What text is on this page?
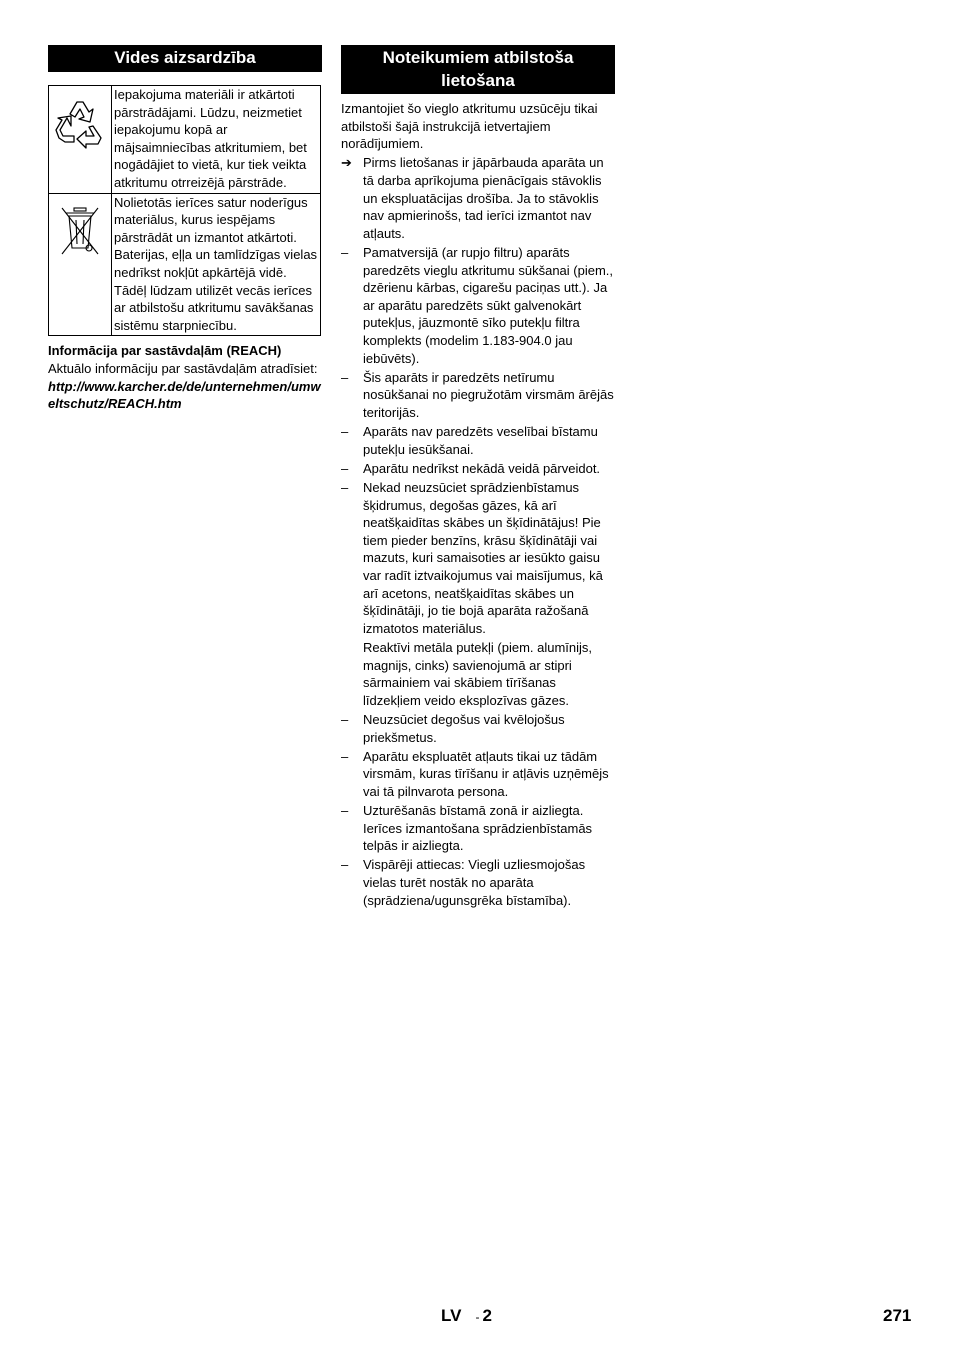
Vides aizsardzība
	Iepakojuma materiāli ir atkārtoti pārstrādājami. Lūdzu, neizmetiet iepakojumu kopā ar mājsaimniecības atkritumiem, bet nogādājiet to vietā, kur tiek veikta atkritumu otrreizējā pārstrāde.

	Nolietotās ierīces satur noderīgus materiālus, kurus iespējams pārstrādāt un izmantot atkārtoti. Baterijas, eļļa un tamlīdzīgas vielas nedrīkst nokļūt apkārtējā vidē. Tādēļ lūdzam utilizēt vecās ierīces ar atbilstošu atkritumu savākšanas sistēmu starpniecību.
Informācija par sastāvdaļām (REACH)
Aktuālo informāciju par sastāvdaļām atradīsiet:
http://www.karcher.de/de/unternehmen/umweltschutz/REACH.htm
Noteikumiem atbilstoša lietošana
Izmantojiet šo vieglo atkritumu uzsūcēju tikai atbilstoši šajā instrukcijā ietvertajiem norādījumiem.
➔ Pirms lietošanas ir jāpārbauda aparāta un tā darba aprīkojuma pienācīgais stāvoklis un ekspluatācijas drošība. Ja to stāvoklis nav apmierinošs, tad ierīci izmantot nav atļauts.

–	Pamatversijā (ar rupjo filtru) aparāts paredzēts vieglu atkritumu sūkšanai (piem., dzērienu kārbas, cigarešu paciņas utt.). Ja ar aparātu paredzēts sūkt galvenokārt putekļus, jāuzmontē sīko putekļu filtra komplekts (modelim 1.183-904.0 jau iebūvēts).

–	Šis aparāts ir paredzēts netīrumu nosūkšanai no piegružotām virsmām ārējās teritorijās.

–	Aparāts nav paredzēts veselībai bīstamu putekļu iesūkšanai.

–	Aparātu nedrīkst nekādā veidā pārveidot.

–	Nekad neuzsūciet sprādzienbīstamus šķidrumus, degošas gāzes, kā arī neatšķaidītas skābes un šķīdinātājus! Pie tiem pieder benzīns, krāsu šķīdinātāji vai mazuts, kuri samaisoties ar iesūkto gaisu var radīt iztvaikojumus vai maisījumus, kā arī acetons, neatšķaidītas skābes un šķīdinātāji, jo tie bojā aparāta ražošanā izmatotos materiālus.

Reaktīvi metāla putekļi (piem. alumīnijs, magnijs, cinks) savienojumā ar stipri sārmainiem vai skābiem tīrīšanas līdzekļiem veido eksplozīvas gāzes.

–	Neuzsūciet degošus vai kvēlojošus priekšmetus.

–	Aparātu ekspluatēt atļauts tikai uz tādām virsmām, kuras tīrīšanu ir atļāvis uzņēmējs vai tā pilnvarota persona.

–	Uzturēšanās bīstamā zonā ir aizliegta. Ierīces izmantošana sprādzienbīstamās telpās ir aizliegta.

–	Vispārēji attiecas: Viegli uzliesmojošas vielas turēt nostāk no aparāta (sprādziena/ugunsgrēka bīstamība).

LV - 2	271
